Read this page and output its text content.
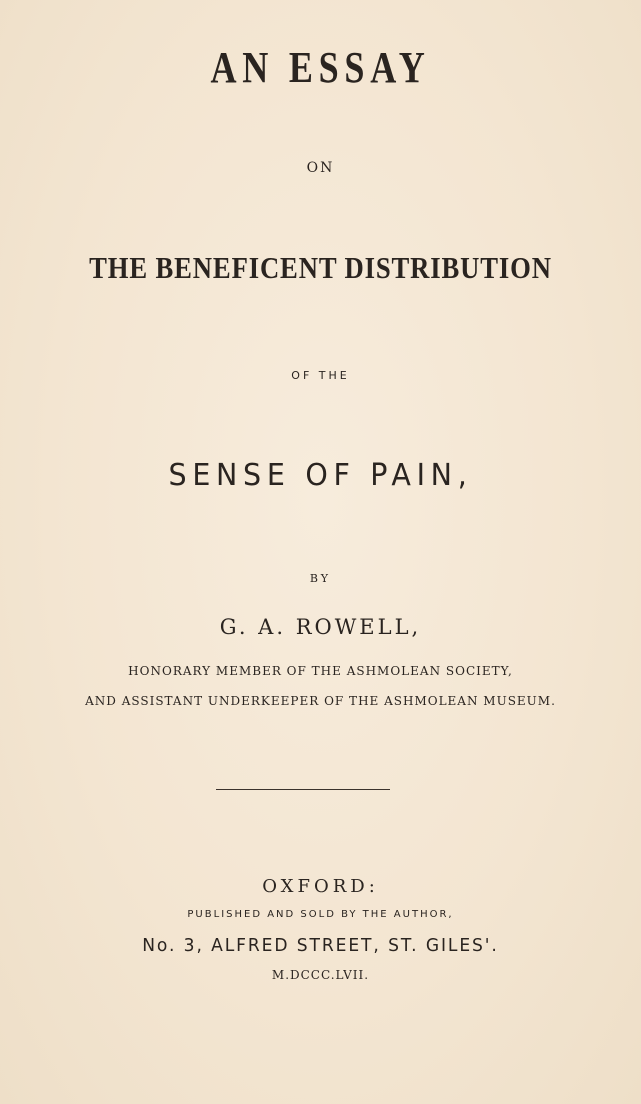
AN ESSAY
ON
THE BENEFICENT DISTRIBUTION
OF THE
SENSE OF PAIN,
BY
G. A. ROWELL,
HONORARY MEMBER OF THE ASHMOLEAN SOCIETY,
AND ASSISTANT UNDERKEEPER OF THE ASHMOLEAN MUSEUM.
OXFORD:
PUBLISHED AND SOLD BY THE AUTHOR,
No. 3, ALFRED STREET, ST. GILES'.
M.DCCC.LVII.
